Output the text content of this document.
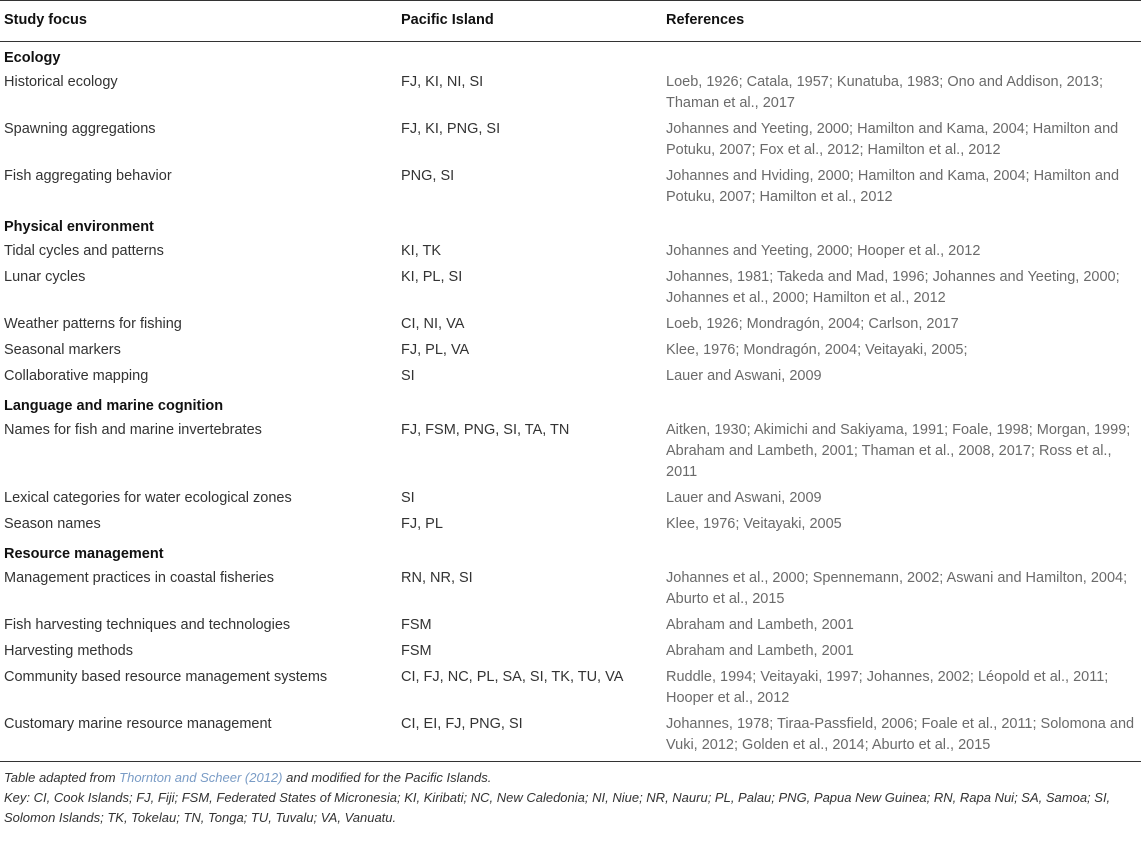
Study focus	Pacific Island	References
Ecology		
Historical ecology	FJ, KI, NI, SI	Loeb, 1926; Catala, 1957; Kunatuba, 1983; Ono and Addison, 2013; Thaman et al., 2017
Spawning aggregations	FJ, KI, PNG, SI	Johannes and Yeeting, 2000; Hamilton and Kama, 2004; Hamilton and Potuku, 2007; Fox et al., 2012; Hamilton et al., 2012
Fish aggregating behavior	PNG, SI	Johannes and Hviding, 2000; Hamilton and Kama, 2004; Hamilton and Potuku, 2007; Hamilton et al., 2012
Physical environment		
Tidal cycles and patterns	KI, TK	Johannes and Yeeting, 2000; Hooper et al., 2012
Lunar cycles	KI, PL, SI	Johannes, 1981; Takeda and Mad, 1996; Johannes and Yeeting, 2000; Johannes et al., 2000; Hamilton et al., 2012
Weather patterns for fishing	CI, NI, VA	Loeb, 1926; Mondragón, 2004; Carlson, 2017
Seasonal markers	FJ, PL, VA	Klee, 1976; Mondragón, 2004; Veitayaki, 2005;
Collaborative mapping	SI	Lauer and Aswani, 2009
Language and marine cognition		
Names for fish and marine invertebrates	FJ, FSM, PNG, SI, TA, TN	Aitken, 1930; Akimichi and Sakiyama, 1991; Foale, 1998; Morgan, 1999; Abraham and Lambeth, 2001; Thaman et al., 2008, 2017; Ross et al., 2011
Lexical categories for water ecological zones	SI	Lauer and Aswani, 2009
Season names	FJ, PL	Klee, 1976; Veitayaki, 2005
Resource management		
Management practices in coastal fisheries	RN, NR, SI	Johannes et al., 2000; Spennemann, 2002; Aswani and Hamilton, 2004; Aburto et al., 2015
Fish harvesting techniques and technologies	FSM	Abraham and Lambeth, 2001
Harvesting methods	FSM	Abraham and Lambeth, 2001
Community based resource management systems	CI, FJ, NC, PL, SA, SI, TK, TU, VA	Ruddle, 1994; Veitayaki, 1997; Johannes, 2002; Léopold et al., 2011; Hooper et al., 2012
Customary marine resource management	CI, EI, FJ, PNG, SI	Johannes, 1978; Tiraa-Passfield, 2006; Foale et al., 2011; Solomona and Vuki, 2012; Golden et al., 2014; Aburto et al., 2015
Table adapted from Thornton and Scheer (2012) and modified for the Pacific Islands.
Key: CI, Cook Islands; FJ, Fiji; FSM, Federated States of Micronesia; KI, Kiribati; NC, New Caledonia; NI, Niue; NR, Nauru; PL, Palau; PNG, Papua New Guinea; RN, Rapa Nui; SA, Samoa; SI, Solomon Islands; TK, Tokelau; TN, Tonga; TU, Tuvalu; VA, Vanuatu.
